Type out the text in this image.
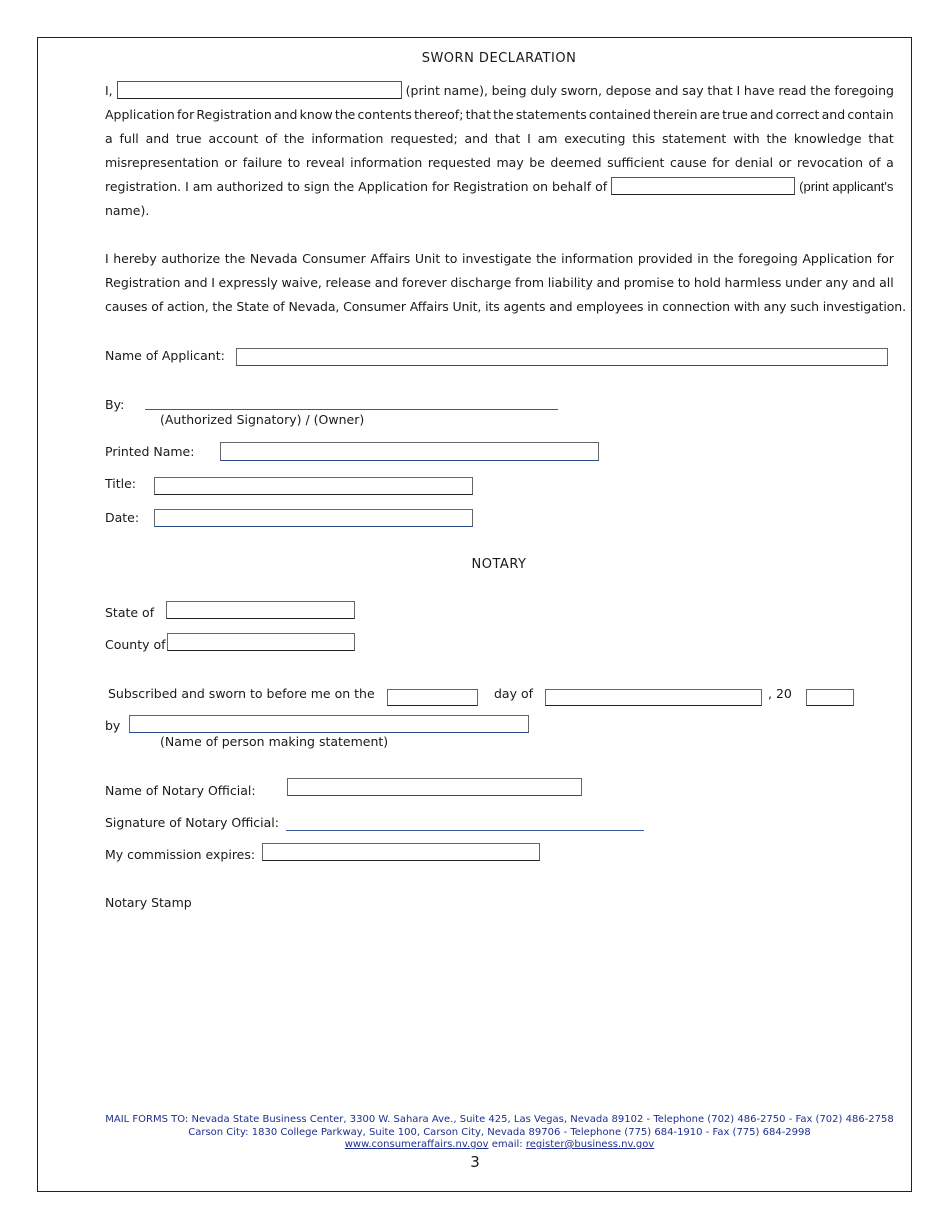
SWORN DECLARATION
I,	(print name), being duly sworn, depose and say that I have read the foregoing
Application for Registration and know the contents thereof; that the statements contained therein are true and correct and contain
a full and true account of the information requested; and that I am executing this statement with the knowledge that
misrepresentation or failure to reveal information requested may be deemed sufficient cause for denial or revocation of a
registration. I am authorized to sign the Application for Registration on behalf of	(print applicant's
name).
I hereby authorize the Nevada Consumer Affairs Unit to investigate the information provided in the foregoing Application for
Registration and I expressly waive, release and forever discharge from liability and promise to hold harmless under any and all
causes of action, the State of Nevada, Consumer Affairs Unit, its agents and employees in connection with any such investigation.
Name of Applicant:
By:
(Authorized Signatory) / (Owner)
Printed Name:
Title:
Date:
NOTARY
State of
County of
Subscribed and sworn to before me on the	day of	, 20
by
(Name of person making statement)
Name of Notary Official:
Signature of Notary Official:
My commission expires:
Notary Stamp
MAIL FORMS TO: Nevada State Business Center, 3300 W. Sahara Ave., Suite 425, Las Vegas, Nevada 89102 - Telephone (702) 486-2750 - Fax (702) 486-2758
Carson City: 1830 College Parkway, Suite 100, Carson City, Nevada 89706 - Telephone (775) 684-1910 - Fax (775) 684-2998
www.consumeraffairs.nv.gov email: register@business.nv.gov
3
